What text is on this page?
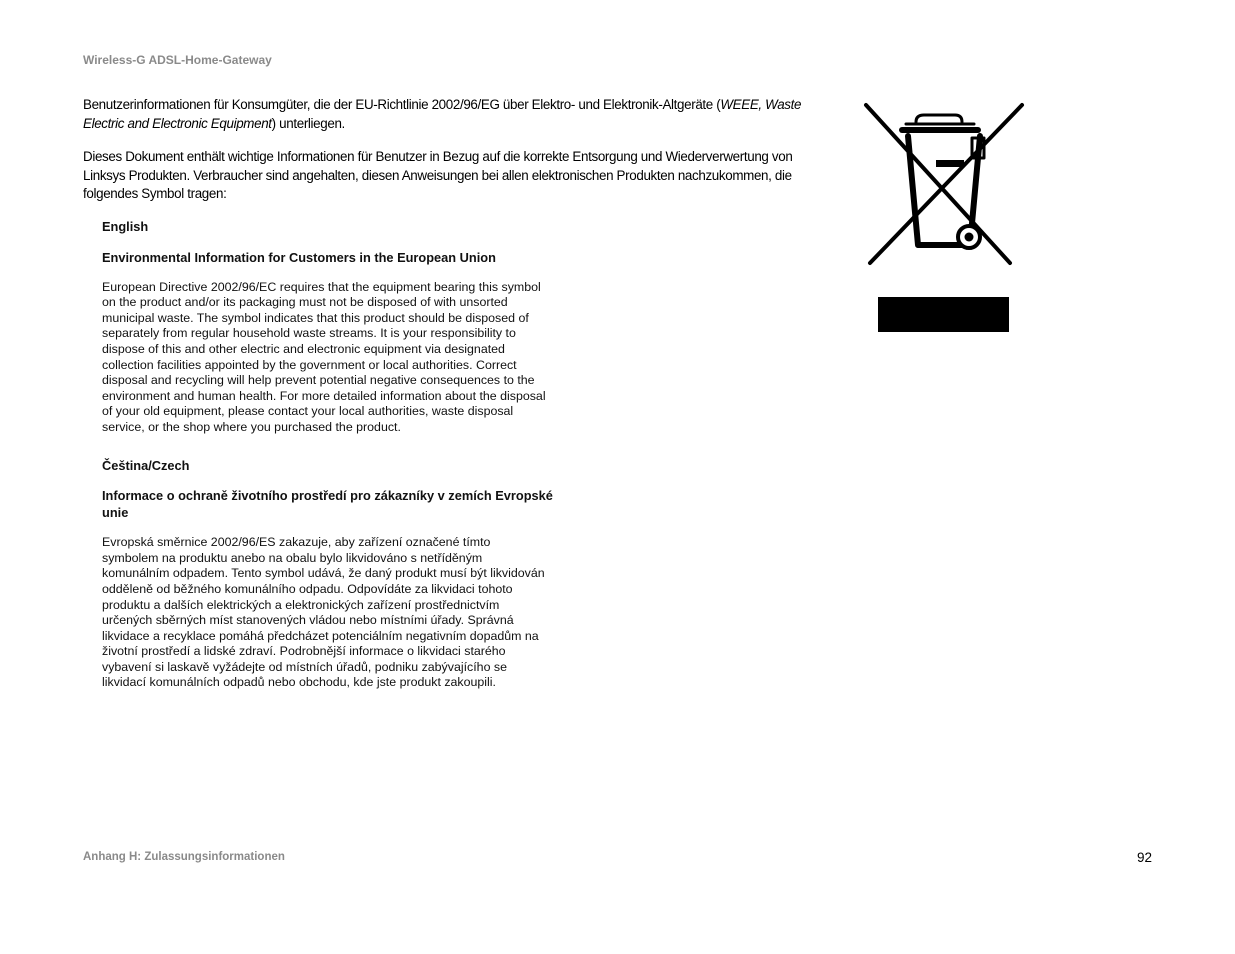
Wireless-G ADSL-Home-Gateway

Benutzerinformationen für Konsumgüter, die der EU-Richtlinie 2002/96/EG über Elektro- und Elektronik-Altgeräte (WEEE, Waste Electric and Electronic Equipment) unterliegen.

Dieses Dokument enthält wichtige Informationen für Benutzer in Bezug auf die korrekte Entsorgung und Wiederverwertung von Linksys Produkten. Verbraucher sind angehalten, diesen Anweisungen bei allen elektronischen Produkten nachzukommen, die folgendes Symbol tragen:

English
Environmental Information for Customers in the European Union
European Directive 2002/96/EC requires that the equipment bearing this symbol
on the product and/or its packaging must not be disposed of with unsorted
municipal waste. The symbol indicates that this product should be disposed of
separately from regular household waste streams. It is your responsibility to
dispose of this and other electric and electronic equipment via designated
collection facilities appointed by the government or local authorities. Correct
disposal and recycling will help prevent potential negative consequences to the
environment and human health. For more detailed information about the disposal
of your old equipment, please contact your local authorities, waste disposal
service, or the shop where you purchased the product.
Čeština/Czech
Informace o ochraně životního prostředí pro zákazníky v zemích Evropské
unie
Evropská směrnice 2002/96/ES zakazuje, aby zařízení označené tímto
symbolem na produktu anebo na obalu bylo likvidováno s netříděným
komunálním odpadem. Tento symbol udává, že daný produkt musí být likvidován
odděleně od běžného komunálního odpadu. Odpovídáte za likvidaci tohoto
produktu a dalších elektrických a elektronických zařízení prostřednictvím
určených sběrných míst stanovených vládou nebo místními úřady. Správná
likvidace a recyklace pomáhá předcházet potenciálním negativním dopadům na
životní prostředí a lidské zdraví. Podrobnější informace o likvidaci starého
vybavení si laskavě vyžádejte od místních úřadů, podniku zabývajícího se
likvidací komunálních odpadů nebo obchodu, kde jste produkt zakoupili.
Anhang H: Zulassungsinformationen	92
